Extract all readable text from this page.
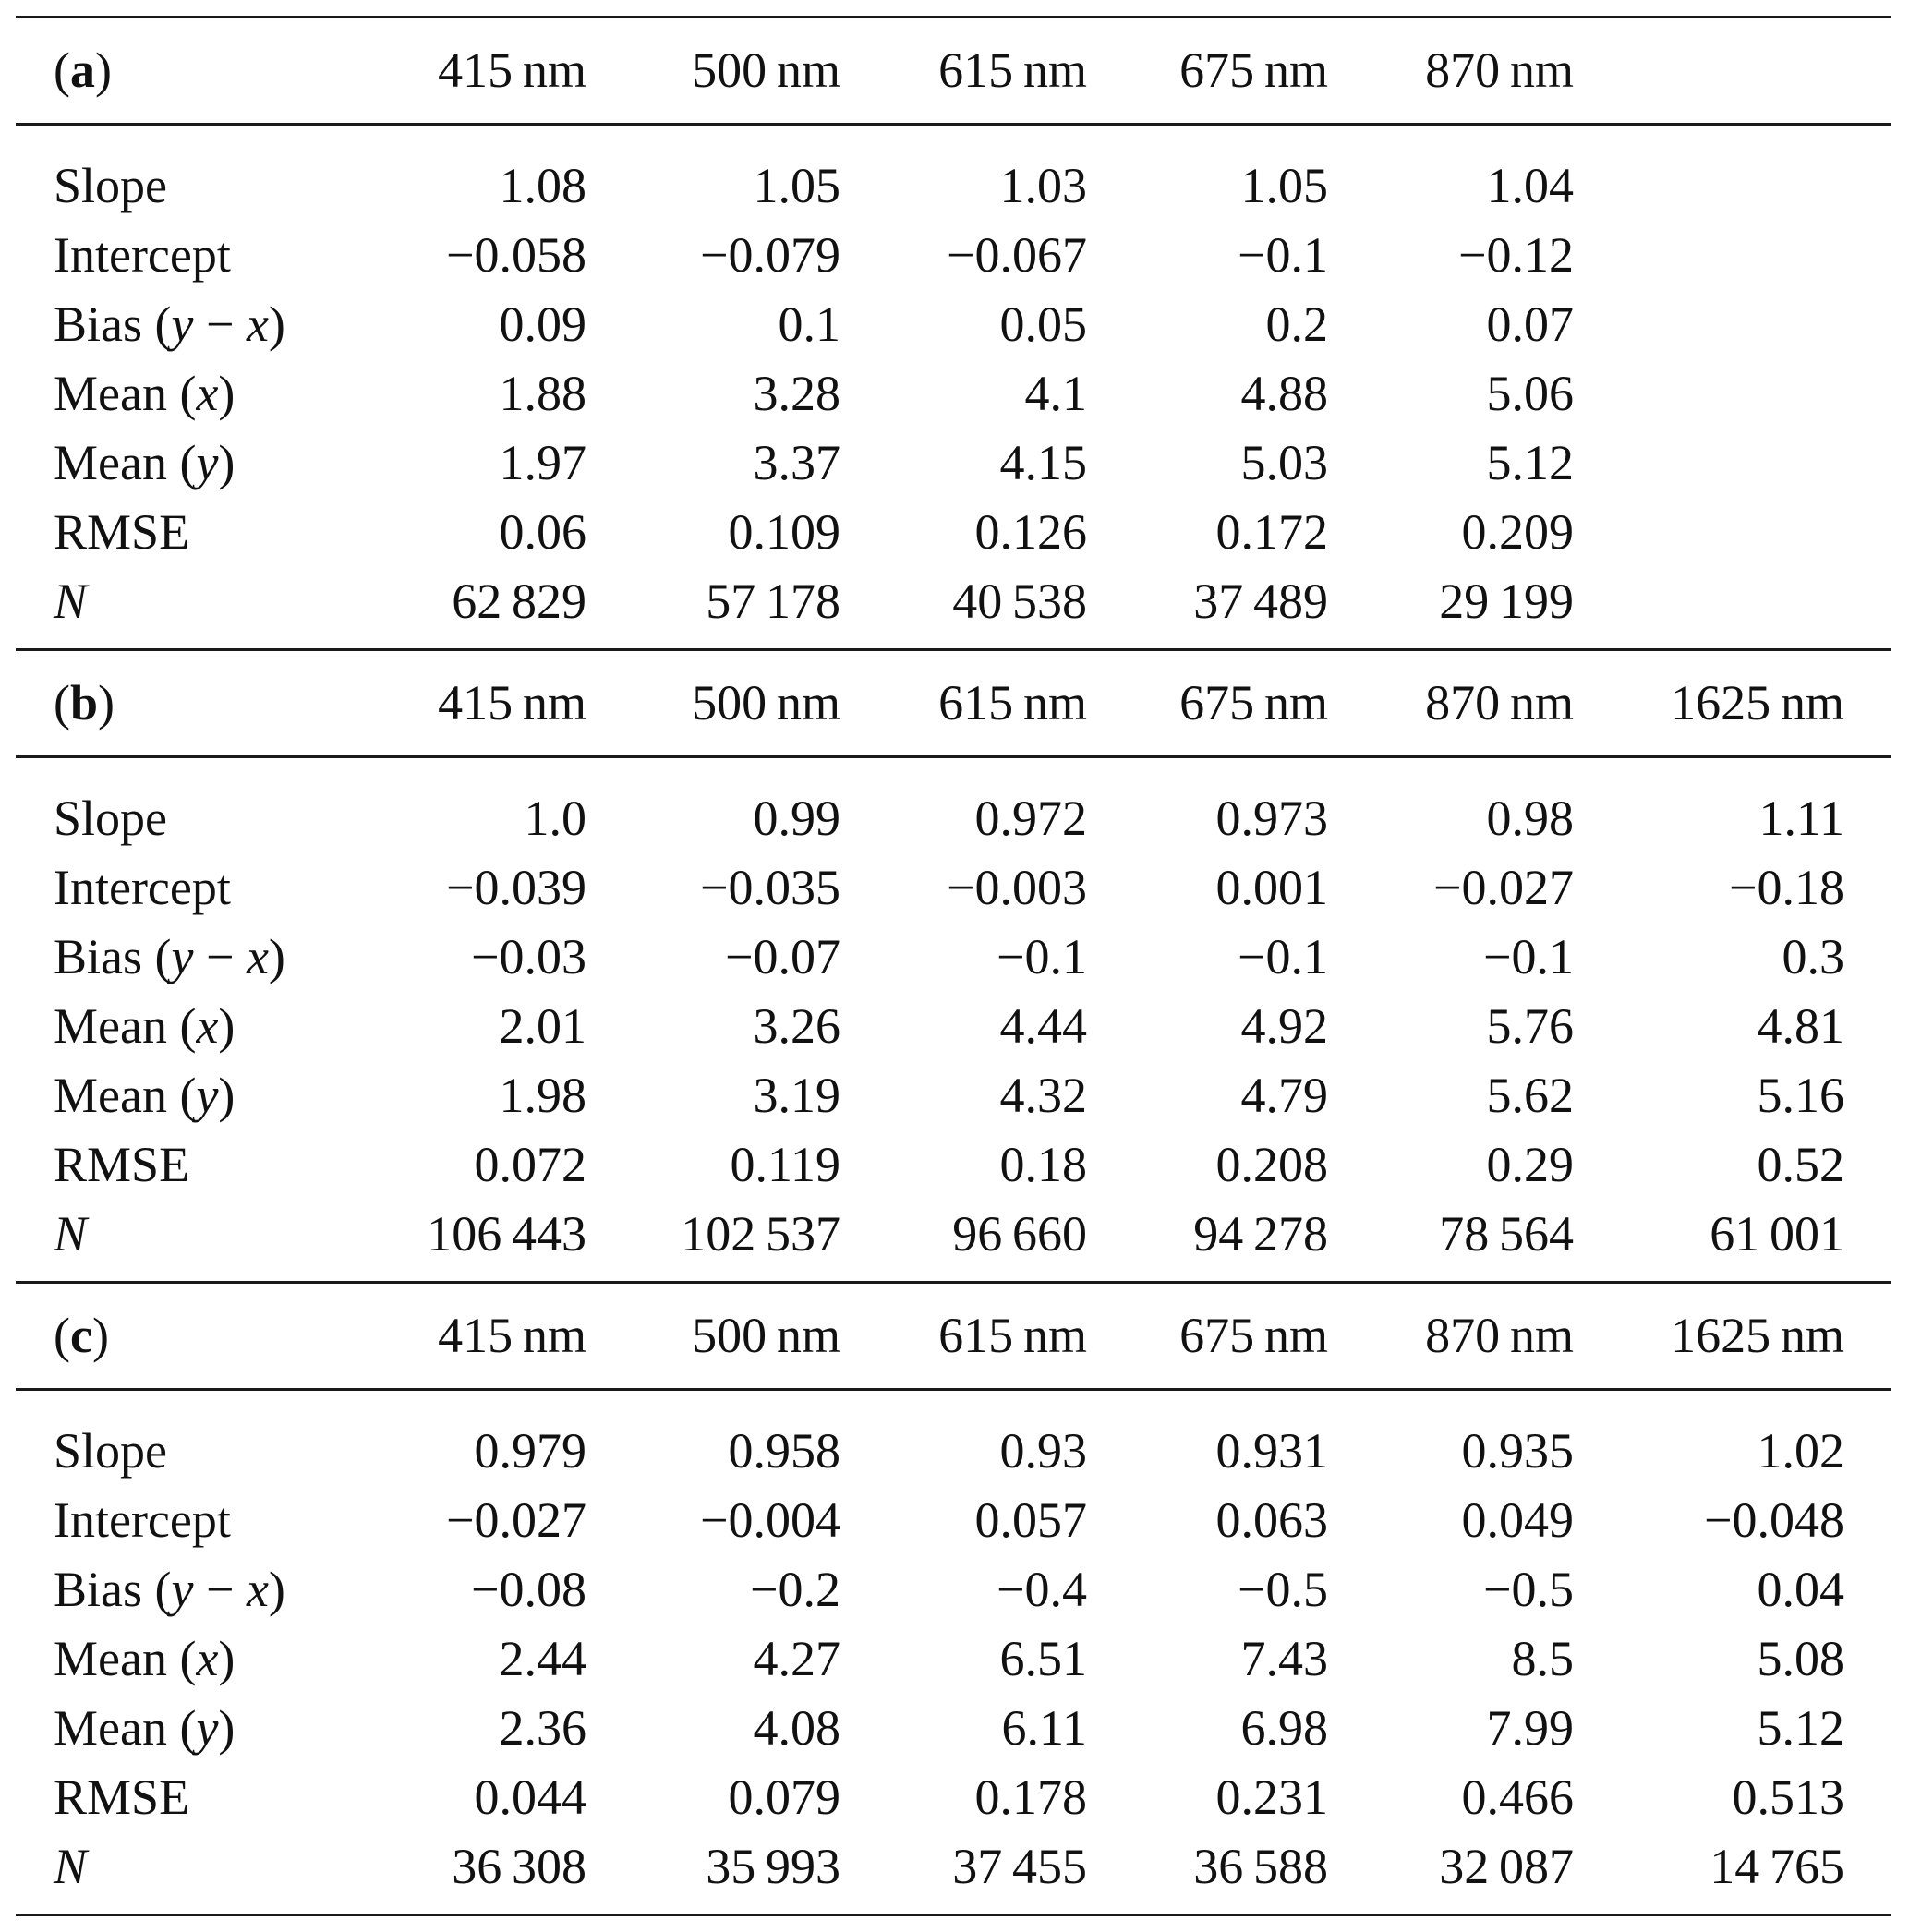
(a)	415 nm	500 nm	615 nm	675 nm	870 nm
Slope	1.08	1.05	1.03	1.05	1.04
Intercept	−0.058	−0.079	−0.067	−0.1	−0.12
Bias (y − x)	0.09	0.1	0.05	0.2	0.07
Mean (x)	1.88	3.28	4.1	4.88	5.06
Mean (y)	1.97	3.37	4.15	5.03	5.12
RMSE	0.06	0.109	0.126	0.172	0.209
N	62 829	57 178	40 538	37 489	29 199
(b)	415 nm	500 nm	615 nm	675 nm	870 nm	1625 nm
Slope	1.0	0.99	0.972	0.973	0.98	1.11
Intercept	−0.039	−0.035	−0.003	0.001	−0.027	−0.18
Bias (y − x)	−0.03	−0.07	−0.1	−0.1	−0.1	0.3
Mean (x)	2.01	3.26	4.44	4.92	5.76	4.81
Mean (y)	1.98	3.19	4.32	4.79	5.62	5.16
RMSE	0.072	0.119	0.18	0.208	0.29	0.52
N	106 443	102 537	96 660	94 278	78 564	61 001
(c)	415 nm	500 nm	615 nm	675 nm	870 nm	1625 nm
Slope	0.979	0.958	0.93	0.931	0.935	1.02
Intercept	−0.027	−0.004	0.057	0.063	0.049	−0.048
Bias (y − x)	−0.08	−0.2	−0.4	−0.5	−0.5	0.04
Mean (x)	2.44	4.27	6.51	7.43	8.5	5.08
Mean (y)	2.36	4.08	6.11	6.98	7.99	5.12
RMSE	0.044	0.079	0.178	0.231	0.466	0.513
N	36 308	35 993	37 455	36 588	32 087	14 765
